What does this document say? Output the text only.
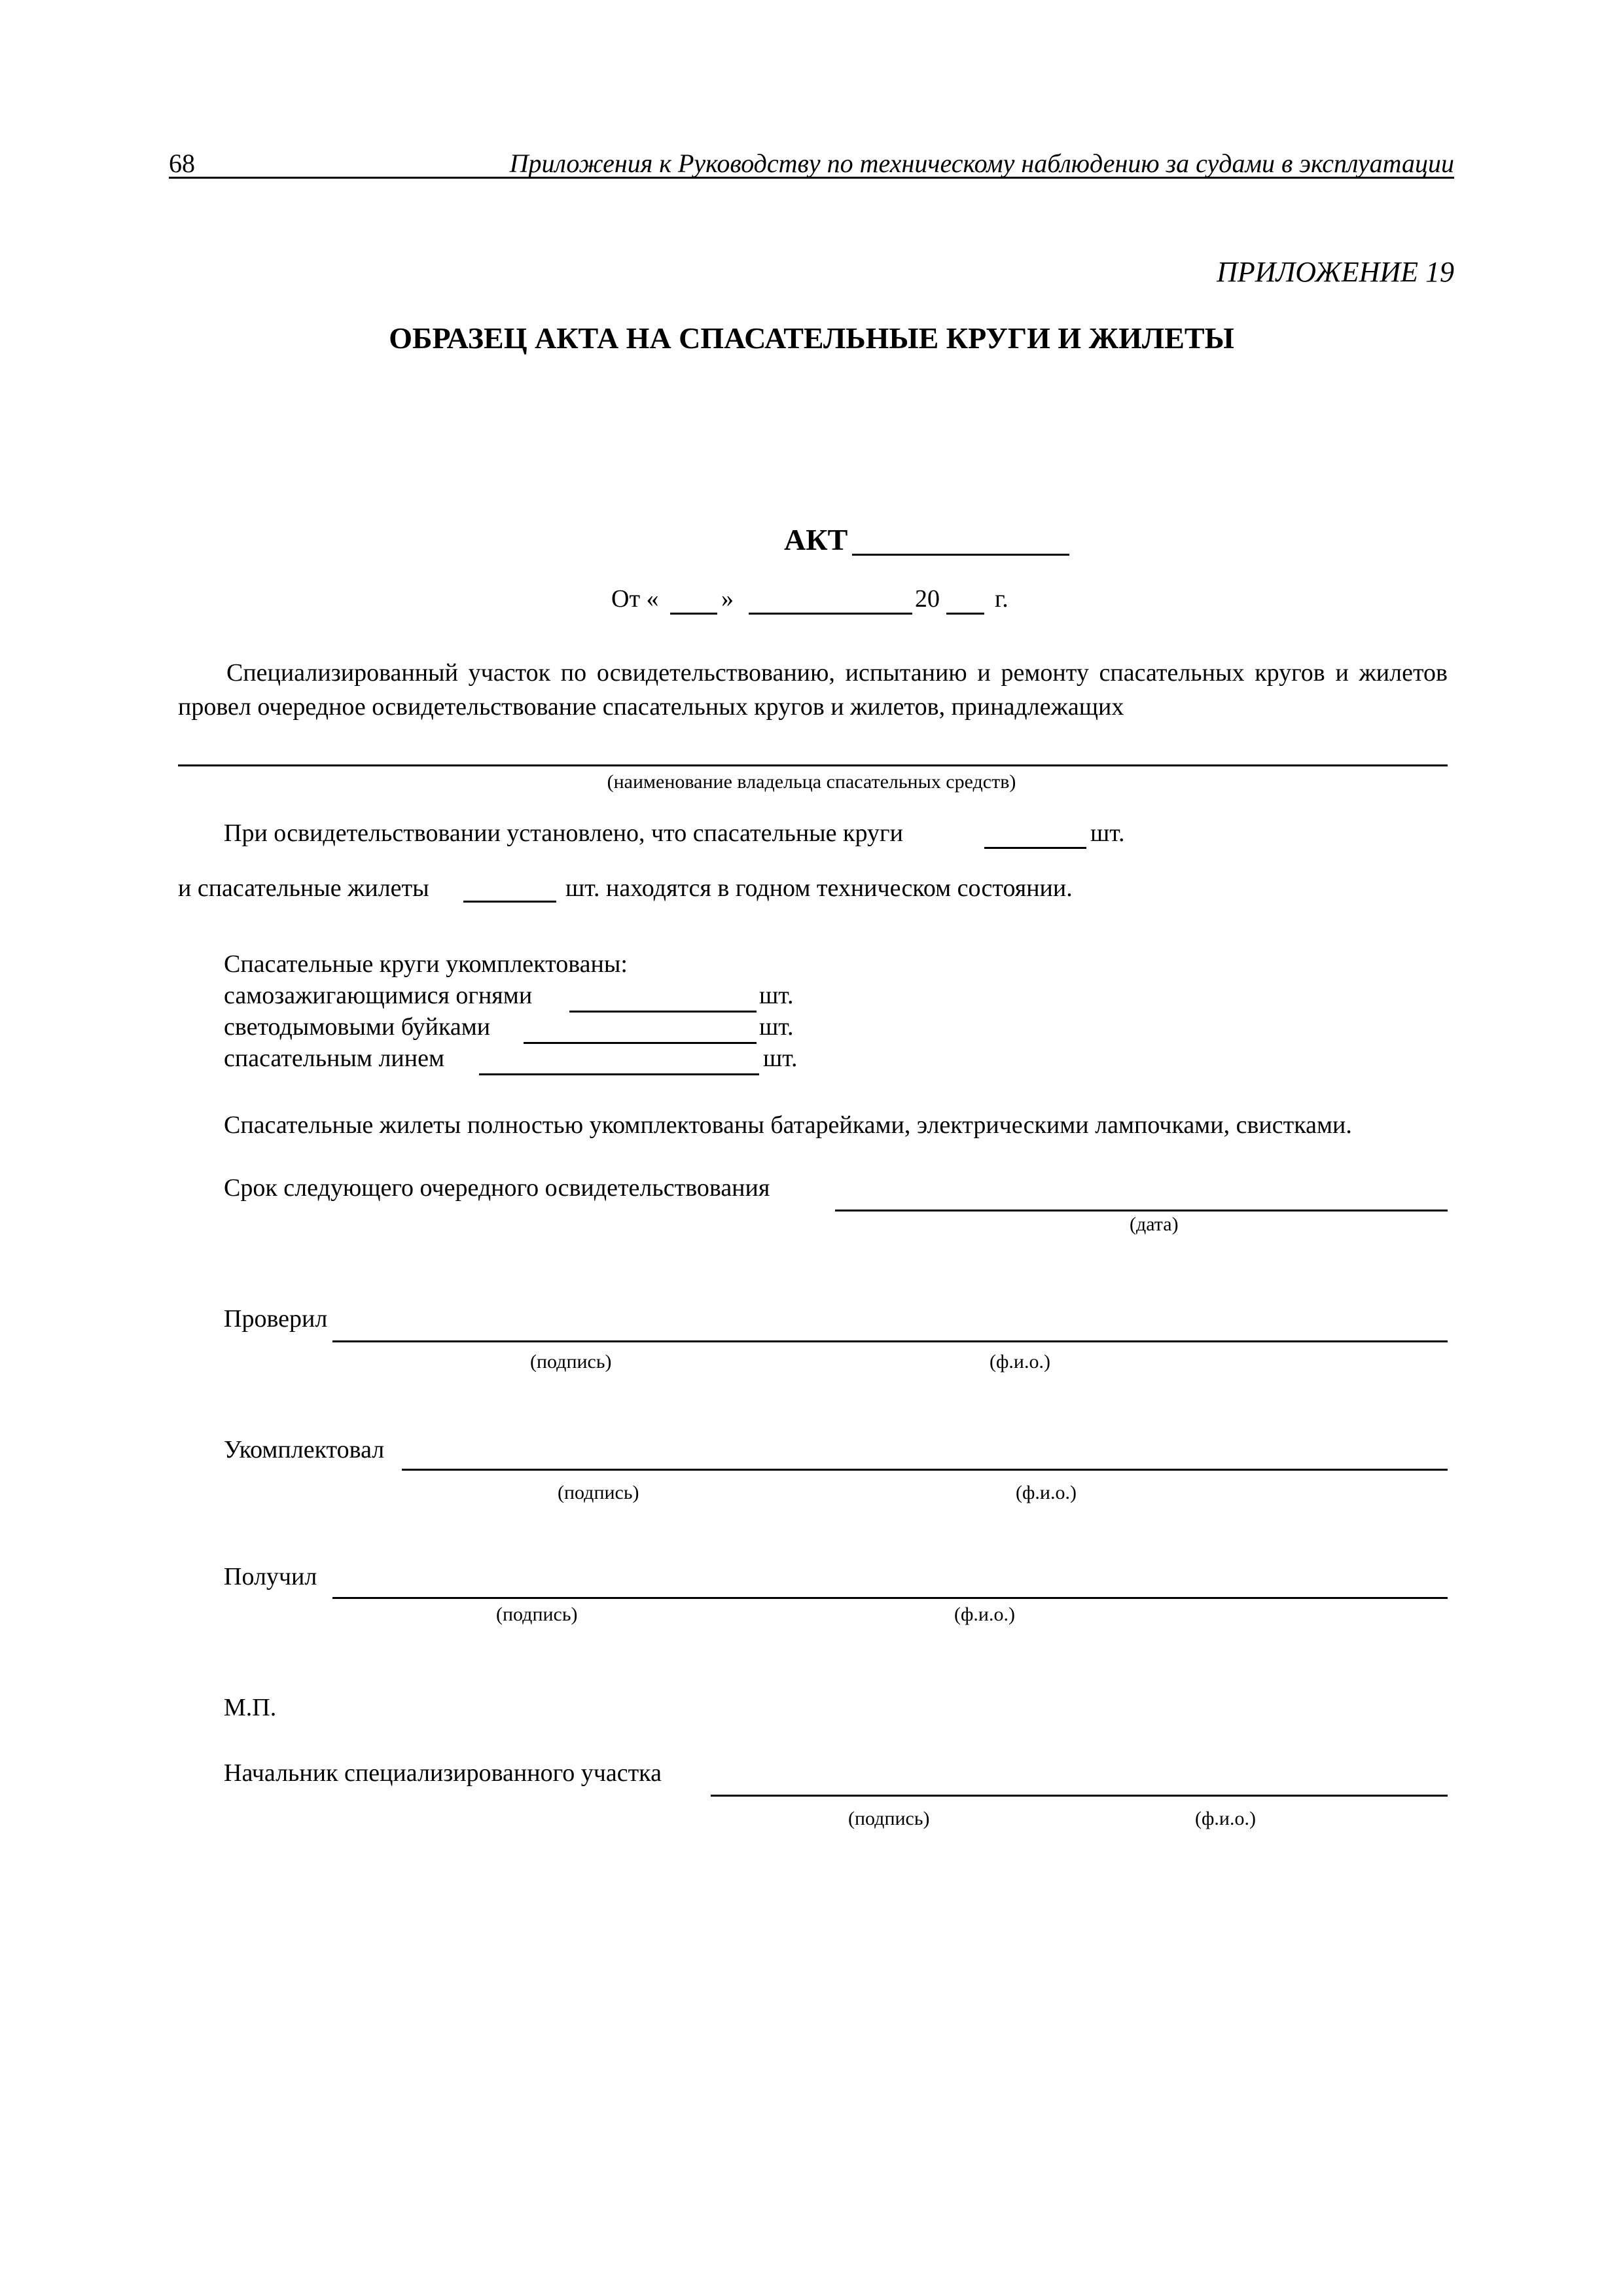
68	Приложения к Руководству по техническому наблюдению за судами в эксплуатации
ПРИЛОЖЕНИЕ 19
ОБРАЗЕЦ АКТА НА СПАСАТЕЛЬНЫЕ КРУГИ И ЖИЛЕТЫ
АКТ
От «	»	20 г.
Специализированный участок по освидетельствованию, испытанию и ремонту спасательных кругов и жилетов провел очередное освидетельствование спасательных кругов и жилетов, принадлежащих
(наименование владельца спасательных средств)
При освидетельствовании установлено, что спасательные круги	шт.
и спасательные жилеты	шт. находятся в годном техническом состоянии.
Спасательные круги укомплектованы:
самозажигающимися огнями	шт.
светодымовыми буйками	шт.
спасательным линем	шт.
Спасательные жилеты полностью укомплектованы батарейками, электрическими лампочками, свистками.
Срок следующего очередного освидетельствования
(дата)
Проверил
(подпись)	(ф.и.о.)
Укомплектовал
(подпись)	(ф.и.о.)
Получил
(подпись)	(ф.и.о.)
М.П.
Начальник специализированного участка
(подпись)	(ф.и.о.)
